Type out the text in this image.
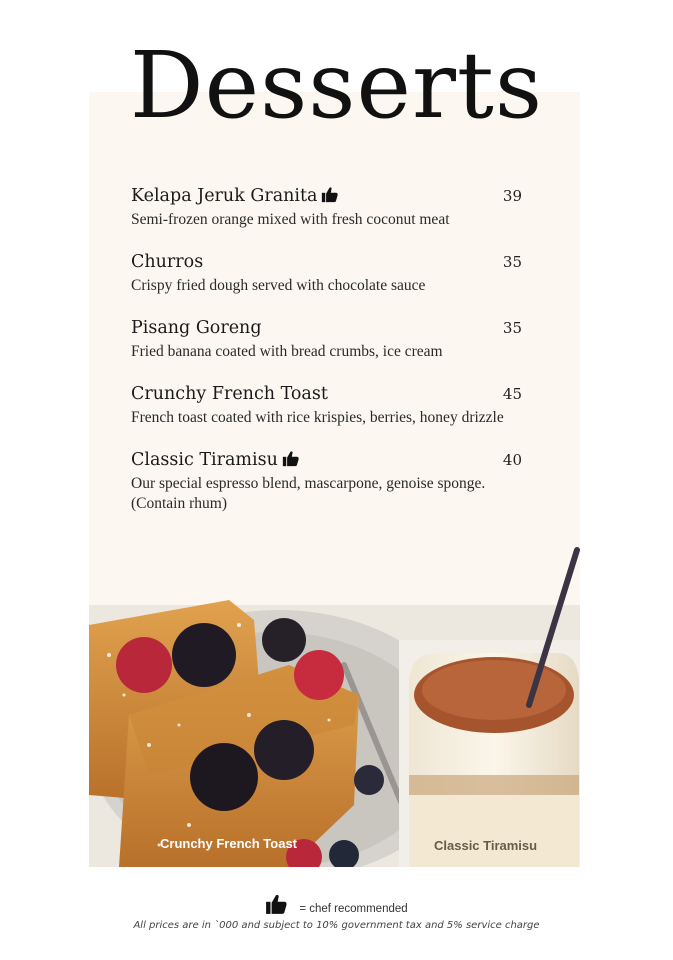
Desserts
Kelapa Jeruk Granita	39
Semi-frozen orange mixed with fresh coconut meat
Churros	35
Crispy fried dough served with chocolate sauce
Pisang Goreng	35
Fried banana coated with bread crumbs, ice cream
Crunchy French Toast	45
French toast coated with rice krispies, berries, honey drizzle
Classic Tiramisu	40
Our special espresso blend, mascarpone, genoise sponge.
(Contain rhum)
Crunchy French Toast	Classic Tiramisu
= chef recommended
All prices are in `000 and subject to 10% government tax and 5% service charge
